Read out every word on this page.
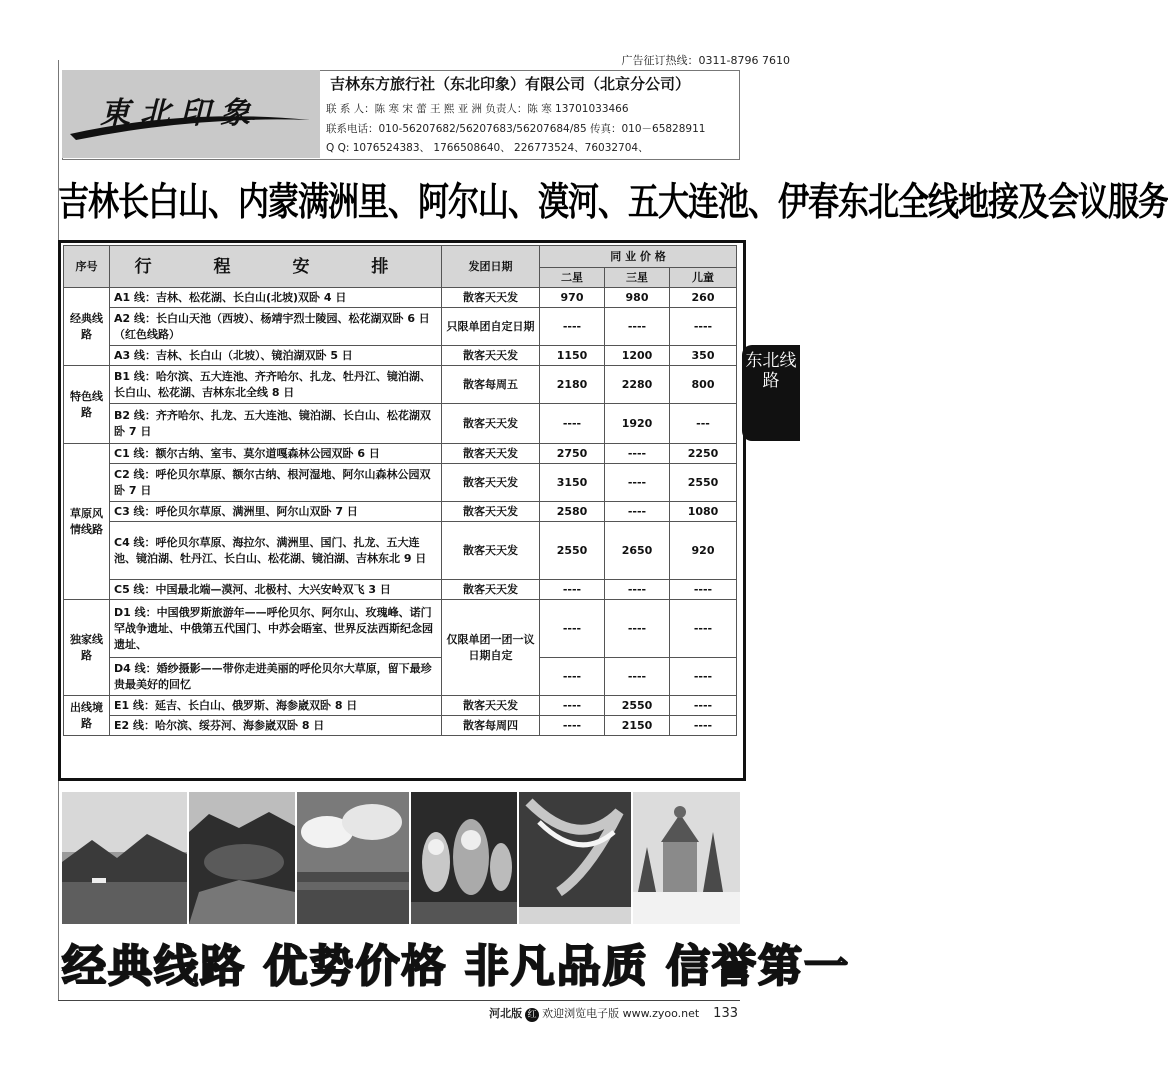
广告征订热线：0311-8796 7610
東北印象
吉林东方旅行社（东北印象）有限公司（北京分公司）
联 系 人：陈 寒 宋 蕾 王 熙 亚 洲 负责人：陈 寒 13701033466
联系电话：010-56207682/56207683/56207684/85 传真：010－65828911
Q Q: 1076524383、 1766508640、 226773524、76032704、
吉林长白山、内蒙满洲里、阿尔山、漠河、五大连池、伊春东北全线地接及会议服务
序号	行 程 安 排	发团日期	同 业 价 格		
			二星	三星	儿童
经典线路	A1 线：吉林、松花湖、长白山(北坡)双卧 4 日	散客天天发	970	980	260
	A2 线：长白山天池（西坡）、杨靖宇烈士陵园、松花湖双卧 6 日（红色线路）	只限单团自定日期	----	----	----
	A3 线：吉林、长白山（北坡）、镜泊湖双卧 5 日	散客天天发	1150	1200	350
特色线路	B1 线：哈尔滨、五大连池、齐齐哈尔、扎龙、牡丹江、镜泊湖、长白山、松花湖、吉林东北全线 8 日	散客每周五	2180	2280	800
	B2 线：齐齐哈尔、扎龙、五大连池、镜泊湖、长白山、松花湖双卧 7 日	散客天天发	----	1920	---
草原风情线路	C1 线：额尔古纳、室韦、莫尔道嘎森林公园双卧 6 日	散客天天发	2750	----	2250
	C2 线：呼伦贝尔草原、额尔古纳、根河湿地、阿尔山森林公园双卧 7 日	散客天天发	3150	----	2550
	C3 线：呼伦贝尔草原、满洲里、阿尔山双卧 7 日	散客天天发	2580	----	1080
	C4 线：呼伦贝尔草原、海拉尔、满洲里、国门、扎龙、五大连池、镜泊湖、牡丹江、长白山、松花湖、镜泊湖、吉林东北 9 日	散客天天发	2550	2650	920
	C5 线：中国最北端—漠河、北极村、大兴安岭双飞 3 日	散客天天发	----	----	----
独家线路	D1 线：中国俄罗斯旅游年——呼伦贝尔、阿尔山、玫瑰峰、诺门罕战争遗址、中俄第五代国门、中苏会晤室、世界反法西斯纪念园遗址、	仅限单团一团一议日期自定	----	----	----
	D4 线：婚纱摄影——带你走进美丽的呼伦贝尔大草原，留下最珍贵最美好的回忆		----	----	----
出线境路	E1 线：延吉、长白山、俄罗斯、海参崴双卧 8 日	散客天天发	----	2550	----
	E2 线：哈尔滨、绥芬河、海参崴双卧 8 日	散客每周四	----	2150	----
东北线路
经典线路 优势价格 非凡品质 信誉第一
河北版 红 欢迎浏览电子版 www.zyoo.net 133
